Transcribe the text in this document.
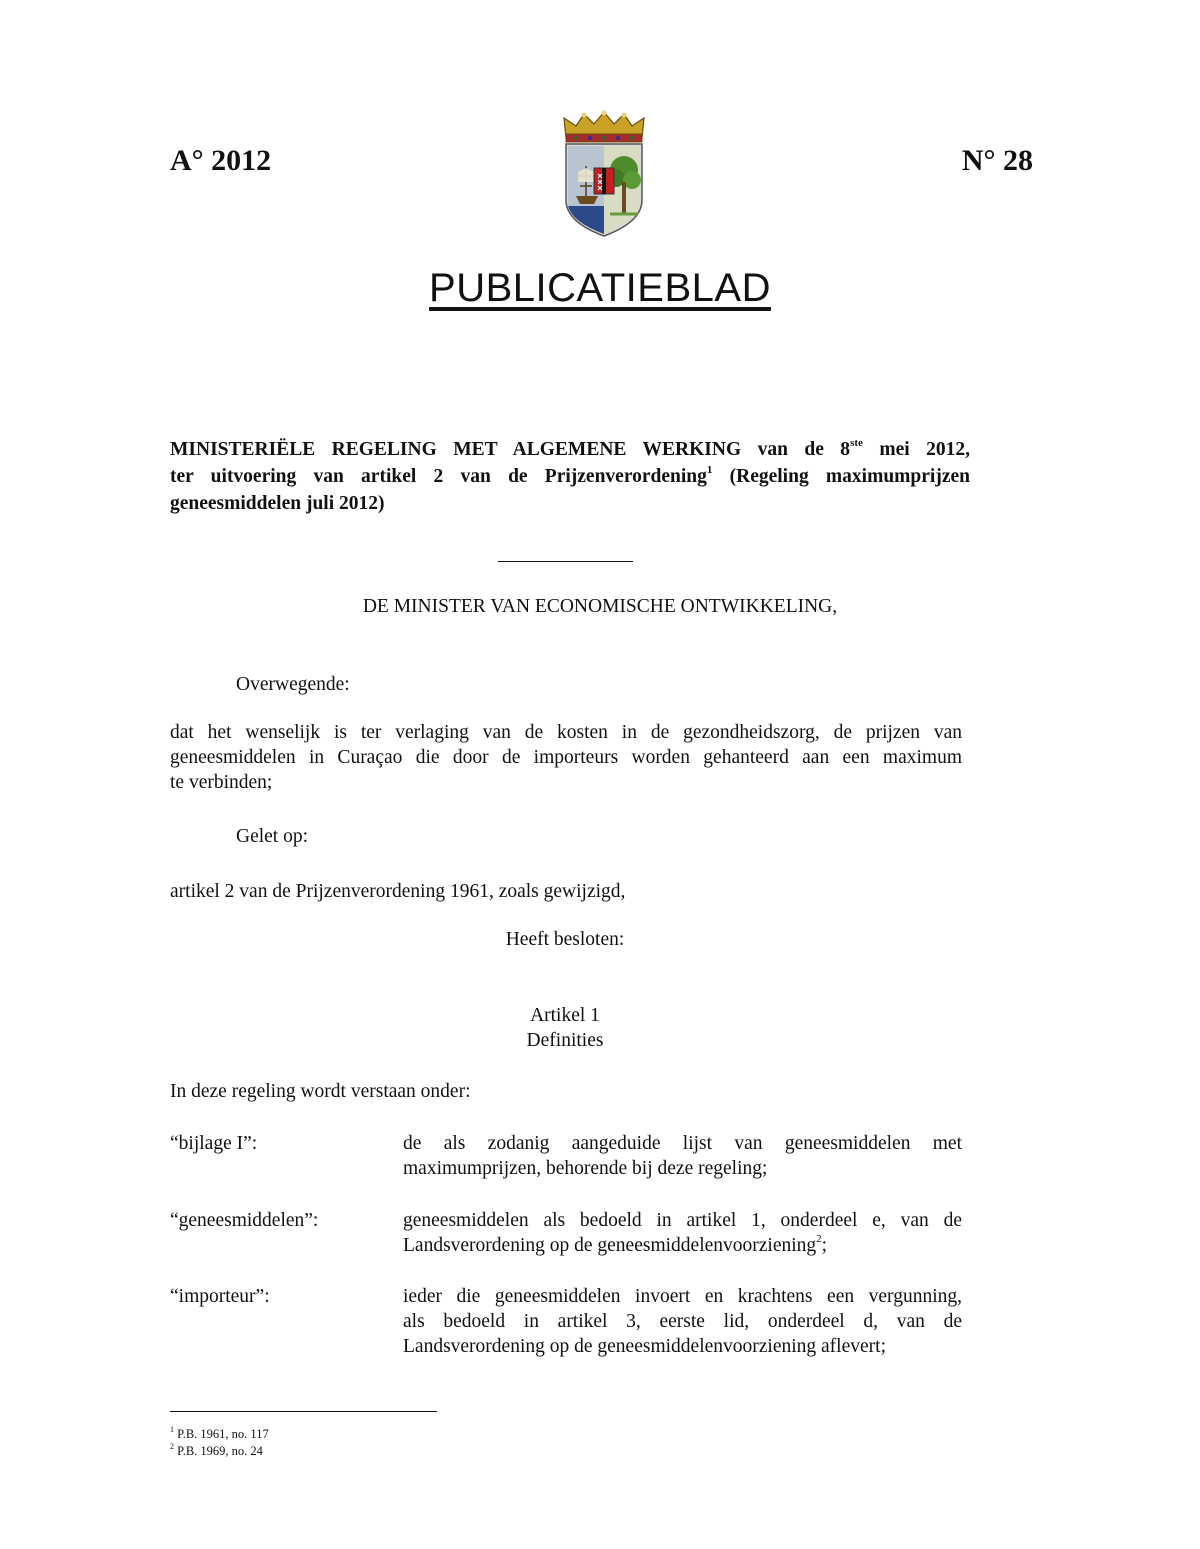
A° 2012	N° 28
PUBLICATIEBLAD

MINISTERIËLE REGELING MET ALGEMENE WERKING van de 8ste mei 2012,

ter uitvoering van artikel 2 van de Prijzenverordening$^1$ (Regeling maximumprijzen

geneesmiddelen juli 2012)

DE MINISTER VAN ECONOMISCHE ONTWIKKELING,
Overwegende:

dat het wenselijk is ter verlaging van de kosten in de gezondheidszorg, de prijzen van

geneesmiddelen in Curaçao die door de importeurs worden gehanteerd aan een maximum

te verbinden;

Gelet op:
artikel 2 van de Prijzenverordening 1961, zoals gewijzigd,
Heeft besloten:
Artikel 1
Definities
In deze regeling wordt verstaan onder:
“bijlage I”:	de als zodanig aangeduide lijst van geneesmiddelen met

maximumprijzen, behorende bij deze regeling;

“geneesmiddelen”:	geneesmiddelen als bedoeld in artikel 1, onderdeel e, van de

Landsverordening op de geneesmiddelenvoorziening$^2$;

“importeur”:	ieder die geneesmiddelen invoert en krachtens een vergunning,

als bedoeld in artikel 3, eerste lid, onderdeel d, van de

Landsverordening op de geneesmiddelenvoorziening aflevert;

$^1$ P.B. 1961, no. 117
$^2$ P.B. 1969, no. 24
